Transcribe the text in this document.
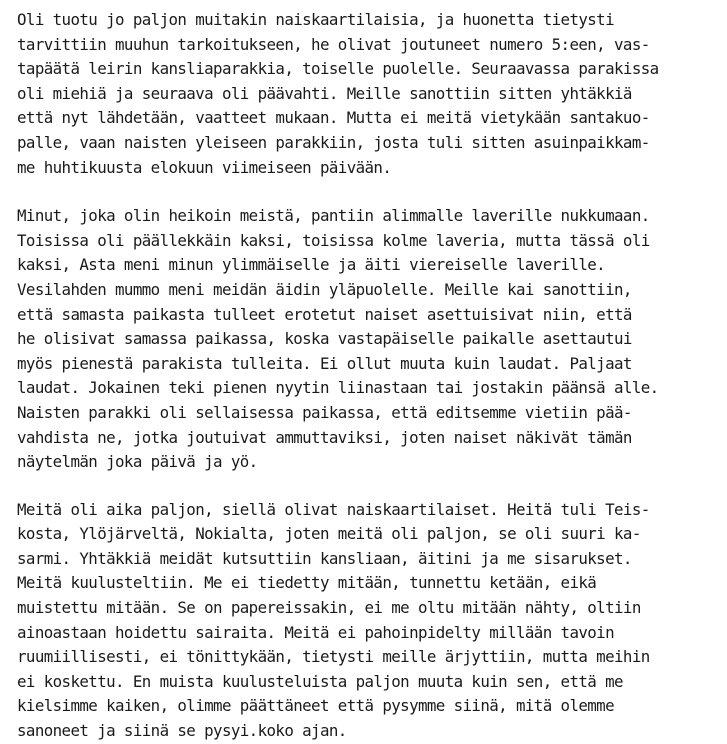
Oli tuotu jo paljon muitakin naiskaartilaisia, ja huonetta tietysti
tarvittiin muuhun tarkoitukseen, he olivat joutuneet numero 5:een, vas-
tapäätä leirin kansliaparakkia, toiselle puolelle. Seuraavassa parakissa
oli miehiä ja seuraava oli päävahti. Meille sanottiin sitten yhtäkkiä
että nyt lähdetään, vaatteet mukaan. Mutta ei meitä vietykään santakuo-
palle, vaan naisten yleiseen parakkiin, josta tuli sitten asuinpaikkam-
me huhtikuusta elokuun viimeiseen päivään.
Minut, joka olin heikoin meistä, pantiin alimmalle laverille nukkumaan.
Toisissa oli päällekkäin kaksi, toisissa kolme laveria, mutta tässä oli
kaksi, Asta meni minun ylimmäiselle ja äiti viereiselle laverille.
Vesilahden mummo meni meidän äidin yläpuolelle. Meille kai sanottiin,
että samasta paikasta tulleet erotetut naiset asettuisivat niin, että
he olisivat samassa paikassa, koska vastapäiselle paikalle asettautui
myös pienestä parakista tulleita. Ei ollut muuta kuin laudat. Paljaat
laudat. Jokainen teki pienen nyytin liinastaan tai jostakin päänsä alle.
Naisten parakki oli sellaisessa paikassa, että editsemme vietiin pää-
vahdista ne, jotka joutuivat ammuttaviksi, joten naiset näkivät tämän
näytelmän joka päivä ja yö.
Meitä oli aika paljon, siellä olivat naiskaartilaiset. Heitä tuli Teis-
kosta, Ylöjärveltä, Nokialta, joten meitä oli paljon, se oli suuri ka-
sarmi. Yhtäkkiä meidät kutsuttiin kansliaan, äitini ja me sisarukset.
Meitä kuulusteltiin. Me ei tiedetty mitään, tunnettu ketään, eikä
muistettu mitään. Se on papereissakin, ei me oltu mitään nähty, oltiin
ainoastaan hoidettu sairaita. Meitä ei pahoinpidelty millään tavoin
ruumiillisesti, ei tönittykään, tietysti meille ärjyttiin, mutta meihin
ei koskettu. En muista kuulusteluista paljon muuta kuin sen, että me
kielsimme kaiken, olimme päättäneet että pysymme siinä, mitä olemme
sanoneet ja siinä se pysyi.koko ajan.
